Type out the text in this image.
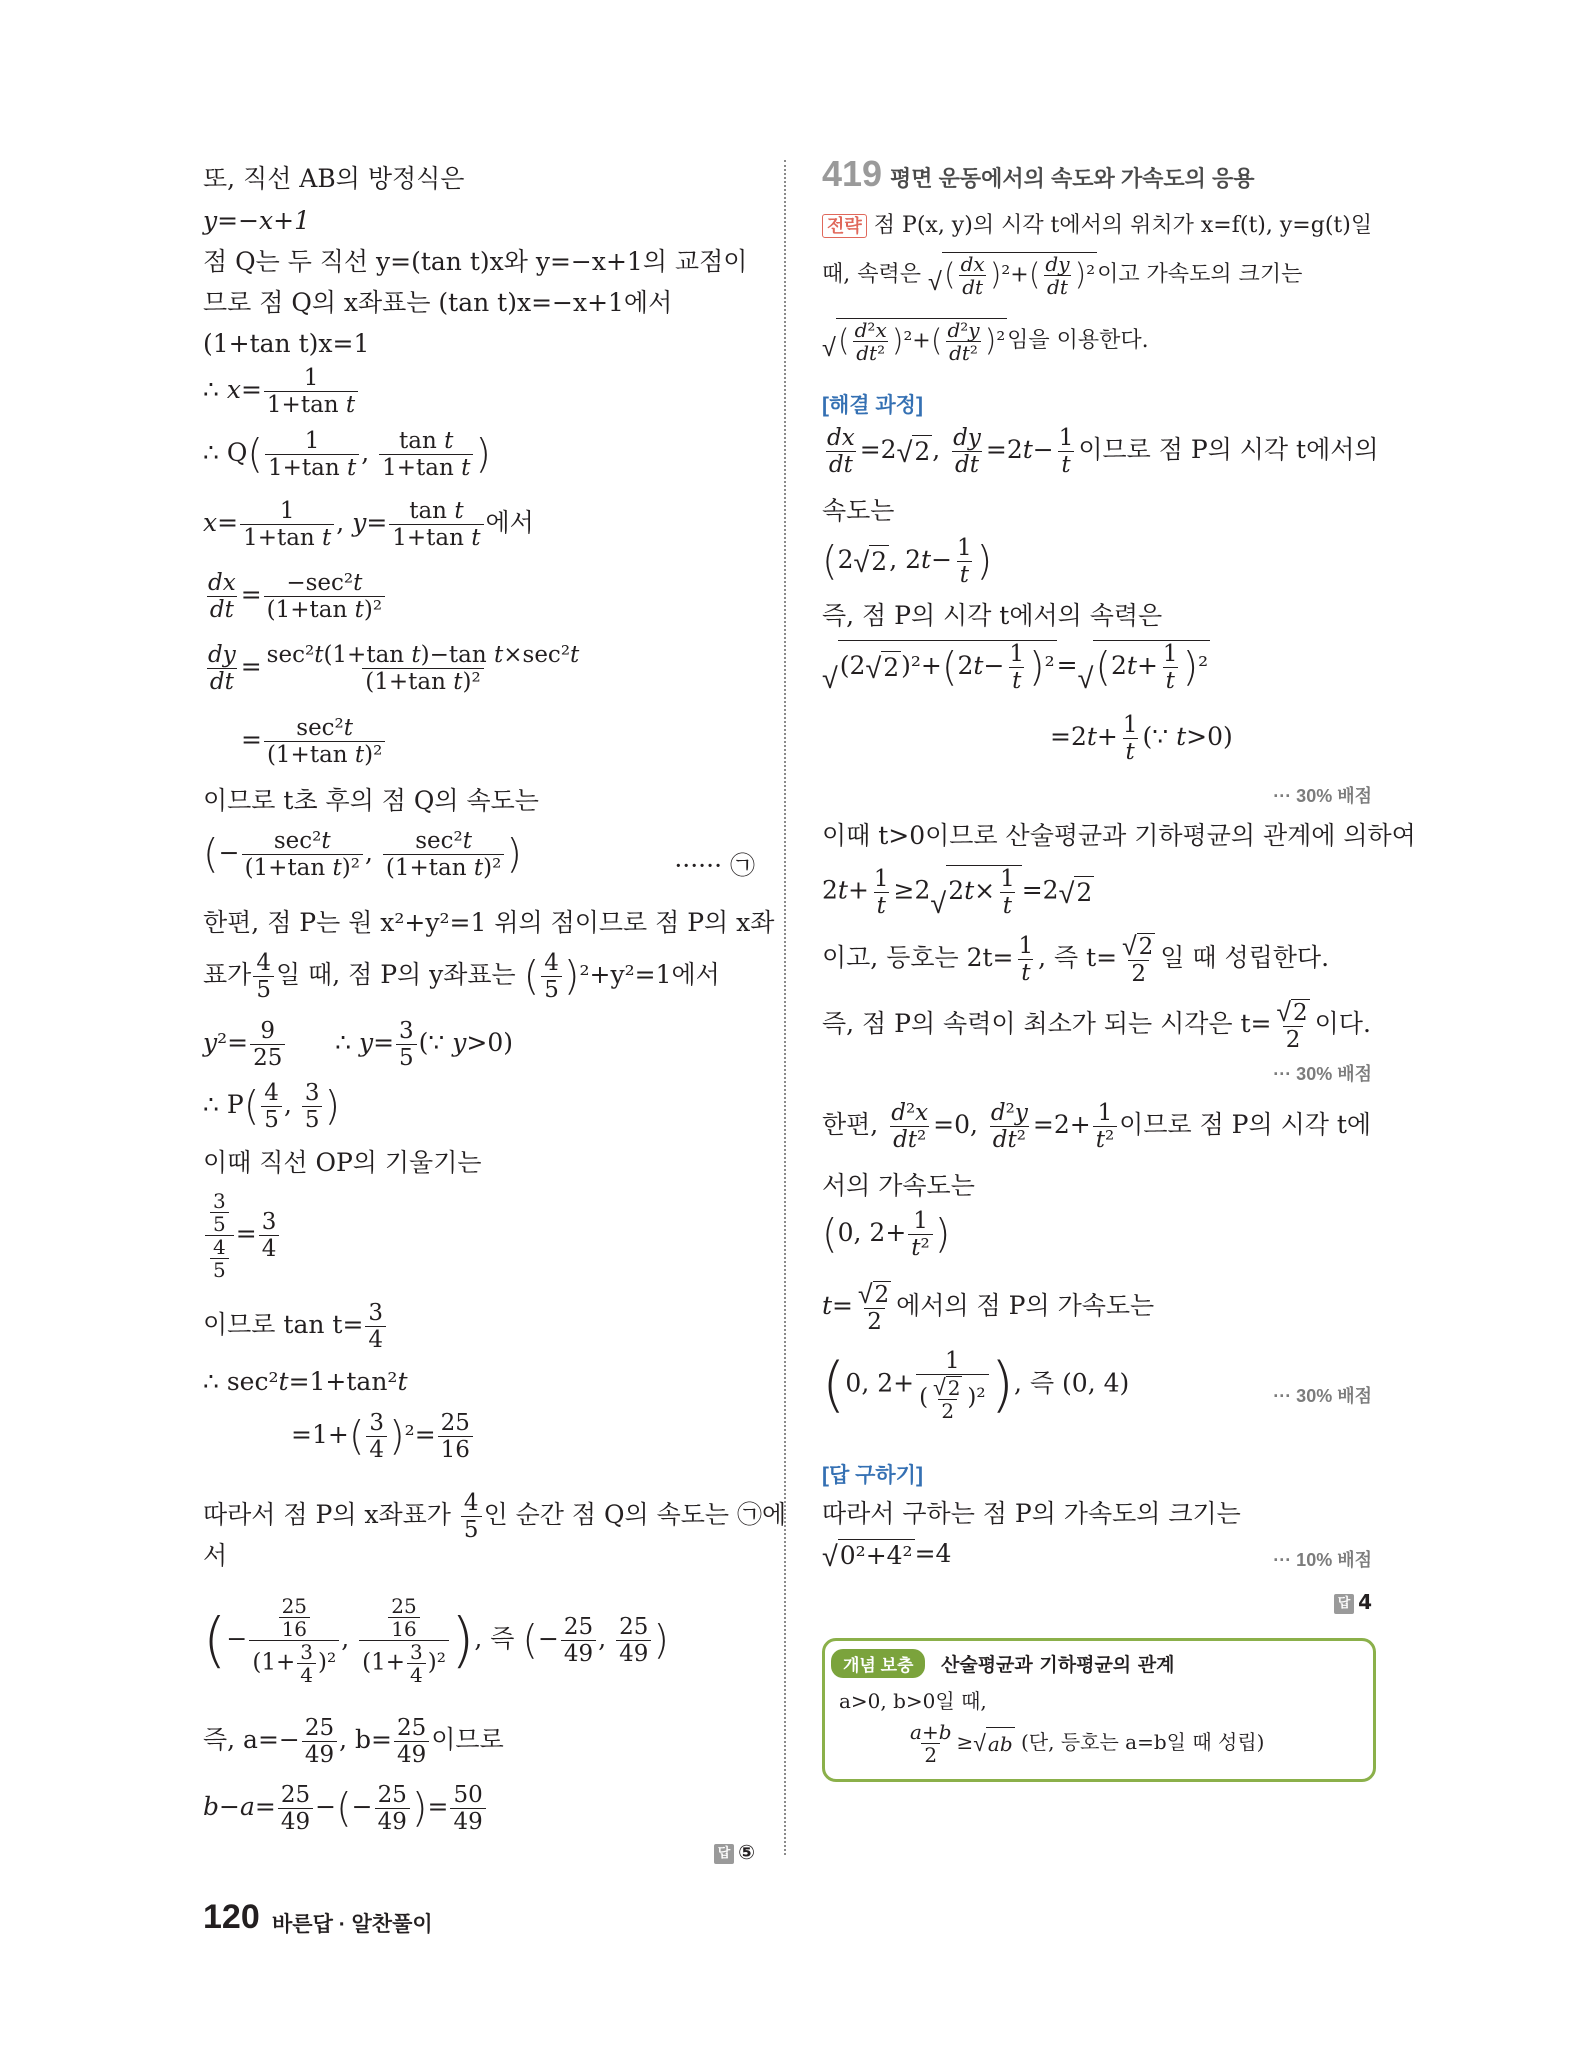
또, 직선 AB의 방정식은
y=−x+1
점 Q는 두 직선 y=(tan t)x와 y=−x+1의 교점이
므로 점 Q의 x좌표는 (tan t)x=−x+1에서
(1+tan t)x=1
∴ $x= \frac{1}{\text{1+tan t}}$
∴ $Q( \frac{1}{\text{1+tan t}}$ , $\frac{\text{tan t}}{\text{1+tan t}}$ )
$x= \frac{1}{\text{1+tan t}}$ , $y= \frac{\text{tan t}}{\text{1+tan t}}$ 에서
$\frac{dx}{dt} = \frac{\text{−sec²t}}{\text{(1+tan t)²}}$
$\frac{dy}{dt} = \frac{\text{sec²t(1+tan t)−tan t×sec²t}}{\text{(1+tan t)²}}$
= $\frac{\text{sec²t}}{\text{(1+tan t)²}}$
이므로 t초 후의 점 Q의 속도는
(− $\frac{\text{sec²t}}{\text{(1+tan t)²}}$ , $\frac{\text{sec²t}}{\text{(1+tan t)²}}$ )	······ ㉠
한편, 점 P는 원 x²+y²=1 위의 점이므로 점 P의 x좌
표가 $\frac{4}{5}$ 일 때, 점 P의 y좌표는 ( $\frac{4}{5} )^2+y^2=1$에서
$y^2= \frac{9}{25}$ ∴ $y= \frac{3}{5}$ (∵ y>0)
∴ $P( \frac{4}{5}$ , $\frac{3}{5}$ )
이때 직선 OP의 기울기는
$\frac{\frac{3}{5}}{\frac{4}{5}} = \frac{3}{4}$
이므로 $\tan t= \frac{3}{4}$
∴ sec²t=1+tan²t
$=1+( \frac{3}{4} )^2= \frac{25}{16}$
따라서 점 P의 x좌표가 $\frac{4}{5}$ 인 순간 점 Q의 속도는 ㉠에
서
(− $\frac{\frac{25}{16}}{(1+ \frac{3}{4} )^2}$ , $\frac{\frac{25}{16}}{(1+ \frac{3}{4} )^2}$ ), 즉 (− $\frac{25}{49}$ , $\frac{25}{49}$ )
즉, $a=- \frac{25}{49}$ , $b= \frac{25}{49}$ 이므로
$b-a= \frac{25}{49}$ −(− $\frac{25}{49}$ )= $\frac{50}{49}$
답 ⑤
419 평면 운동에서의 속도와 가속도의 응용
전략 점 P(x, y)의 시각 t에서의 위치가 x=f(t), y=g(t)일
때, 속력은 √ ( $\frac{dx}{dt} )^2+( \frac{dy}{dt} )^2$ 이고 가속도의 크기는
√ ( $\frac{\text{d²x}}{\text{dt²}} )^2+( \frac{\text{d²y}}{\text{dt²}} )^2$ 임을 이용한다.
[해결 과정]
$\frac{dx}{dt} =2$ √ 2 , $\frac{dy}{dt} =2t- \frac{1}{t}$ 이므로 점 P의 시각 t에서의
속도는
(2 √ 2 , $2t- \frac{1}{t}$ )
즉, 점 P의 시각 t에서의 속력은
√ (2 √ 2 )$^2+(2t- \frac{1}{t} )^2$ = √ $(2t+ \frac{1}{t} )^2$
$=2t+ \frac{1}{t}$ (∵ t>0)
··· 30% 배점
이때 t>0이므로 산술평균과 기하평균의 관계에 의하여
$2t+ \frac{1}{t} \ge 2$ √ $2t\times \frac{1}{t} =2$ √ 2
이고, 등호는 $2t= \frac{1}{t}$ , 즉 $t= \frac{√ 2}{2}$ 일 때 성립한다.
즉, 점 P의 속력이 최소가 되는 시각은 $t= \frac{√ 2}{2}$ 이다.
··· 30% 배점
한편, $\frac{\text{d²x}}{\text{dt²}} =0$, $\frac{\text{d²y}}{\text{dt²}} =2+ \frac{1}{\text{t²}}$ 이므로 점 P의 시각 t에
서의 가속도는
(0, $2+ \frac{1}{\text{t²}}$ )
$t= \frac{√ 2}{2}$ 에서의 점 P의 가속도는
(0, $2+ \frac{1}{( \frac{√ 2}{2} )^2}$ ), 즉 (0, 4)	··· 30% 배점
[답 구하기]
따라서 구하는 점 P의 가속도의 크기는
√ 0²+4² =4	··· 10% 배점
답 4
개념 보충	산술평균과 기하평균의 관계
a>0, b>0일 때,
$\frac{a+b}{2}$ ≥ √ ab (단, 등호는 a=b일 때 성립)
120 바른답 · 알찬풀이
